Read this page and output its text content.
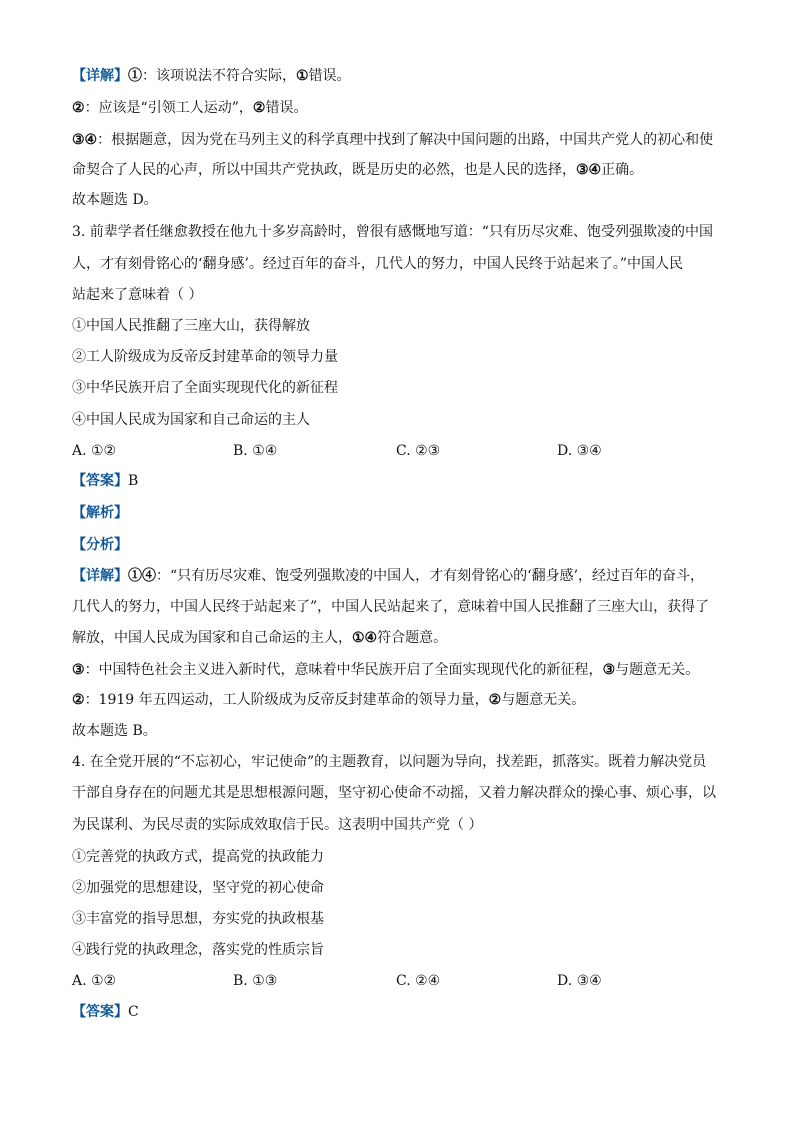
【详解】①：该项说法不符合实际，①错误。
②：应该是“引领工人运动”，②错误。
③④：根据题意，因为党在马列主义的科学真理中找到了解决中国问题的出路，中国共产党人的初心和使
命契合了人民的心声，所以中国共产党执政，既是历史的必然，也是人民的选择，③④正确。
故本题选 D。
3. 前辈学者任继愈教授在他九十多岁高龄时，曾很有感慨地写道：“只有历尽灾难、饱受列强欺凌的中国
人，才有刻骨铭心的‘翻身感’。经过百年的奋斗，几代人的努力，中国人民终于站起来了。”中国人民
站起来了意味着（ ）
①中国人民推翻了三座大山，获得解放
②工人阶级成为反帝反封建革命的领导力量
③中华民族开启了全面实现现代化的新征程
④中国人民成为国家和自己命运的主人
A. ①②	B. ①④	C. ②③	D. ③④
【答案】B
【解析】
【分析】
【详解】①④：“只有历尽灾难、饱受列强欺凌的中国人，才有刻骨铭心的‘翻身感’，经过百年的奋斗，
几代人的努力，中国人民终于站起来了”，中国人民站起来了，意味着中国人民推翻了三座大山，获得了
解放，中国人民成为国家和自己命运的主人，①④符合题意。
③：中国特色社会主义进入新时代，意味着中华民族开启了全面实现现代化的新征程，③与题意无关。
②：1919 年五四运动，工人阶级成为反帝反封建革命的领导力量，②与题意无关。
故本题选 B。
4. 在全党开展的“不忘初心，牢记使命”的主题教育，以问题为导向，找差距，抓落实。既着力解决党员
干部自身存在的问题尤其是思想根源问题，坚守初心使命不动摇，又着力解决群众的操心事、烦心事，以
为民谋利、为民尽责的实际成效取信于民。这表明中国共产党（ ）
①完善党的执政方式，提高党的执政能力
②加强党的思想建设，坚守党的初心使命
③丰富党的指导思想，夯实党的执政根基
④践行党的执政理念，落实党的性质宗旨
A. ①②	B. ①③	C. ②④	D. ③④
【答案】C
